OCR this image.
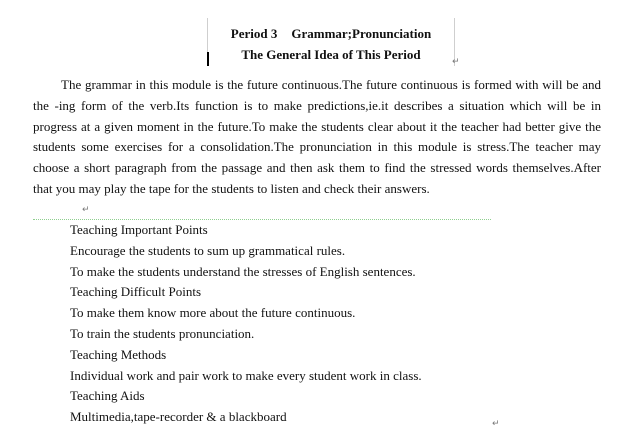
Period 3 Grammar;Pronunciation
The General Idea of This Period	↵

The grammar in this module is the future continuous.The future continuous is formed with will be and the -ing form of the verb.Its function is to make predictions,ie.it describes a situation which will be in progress at a given moment in the future.To make the students clear about it the teacher had better give the students some exercises for a consolidation.The pronunciation in this module is stress.The teacher may choose a short paragraph from the passage and then ask them to find the stressed words themselves.After that you may play the tape for the students to listen and check their answers.

↵
Teaching Important Points
Encourage the students to sum up grammatical rules.
To make the students understand the stresses of English sentences.
Teaching Difficult Points
To make them know more about the future continuous.
To train the students pronunciation.
Teaching Methods
Individual work and pair work to make every student work in class.
Teaching Aids
Multimedia,tape-recorder & a blackboard	↵
